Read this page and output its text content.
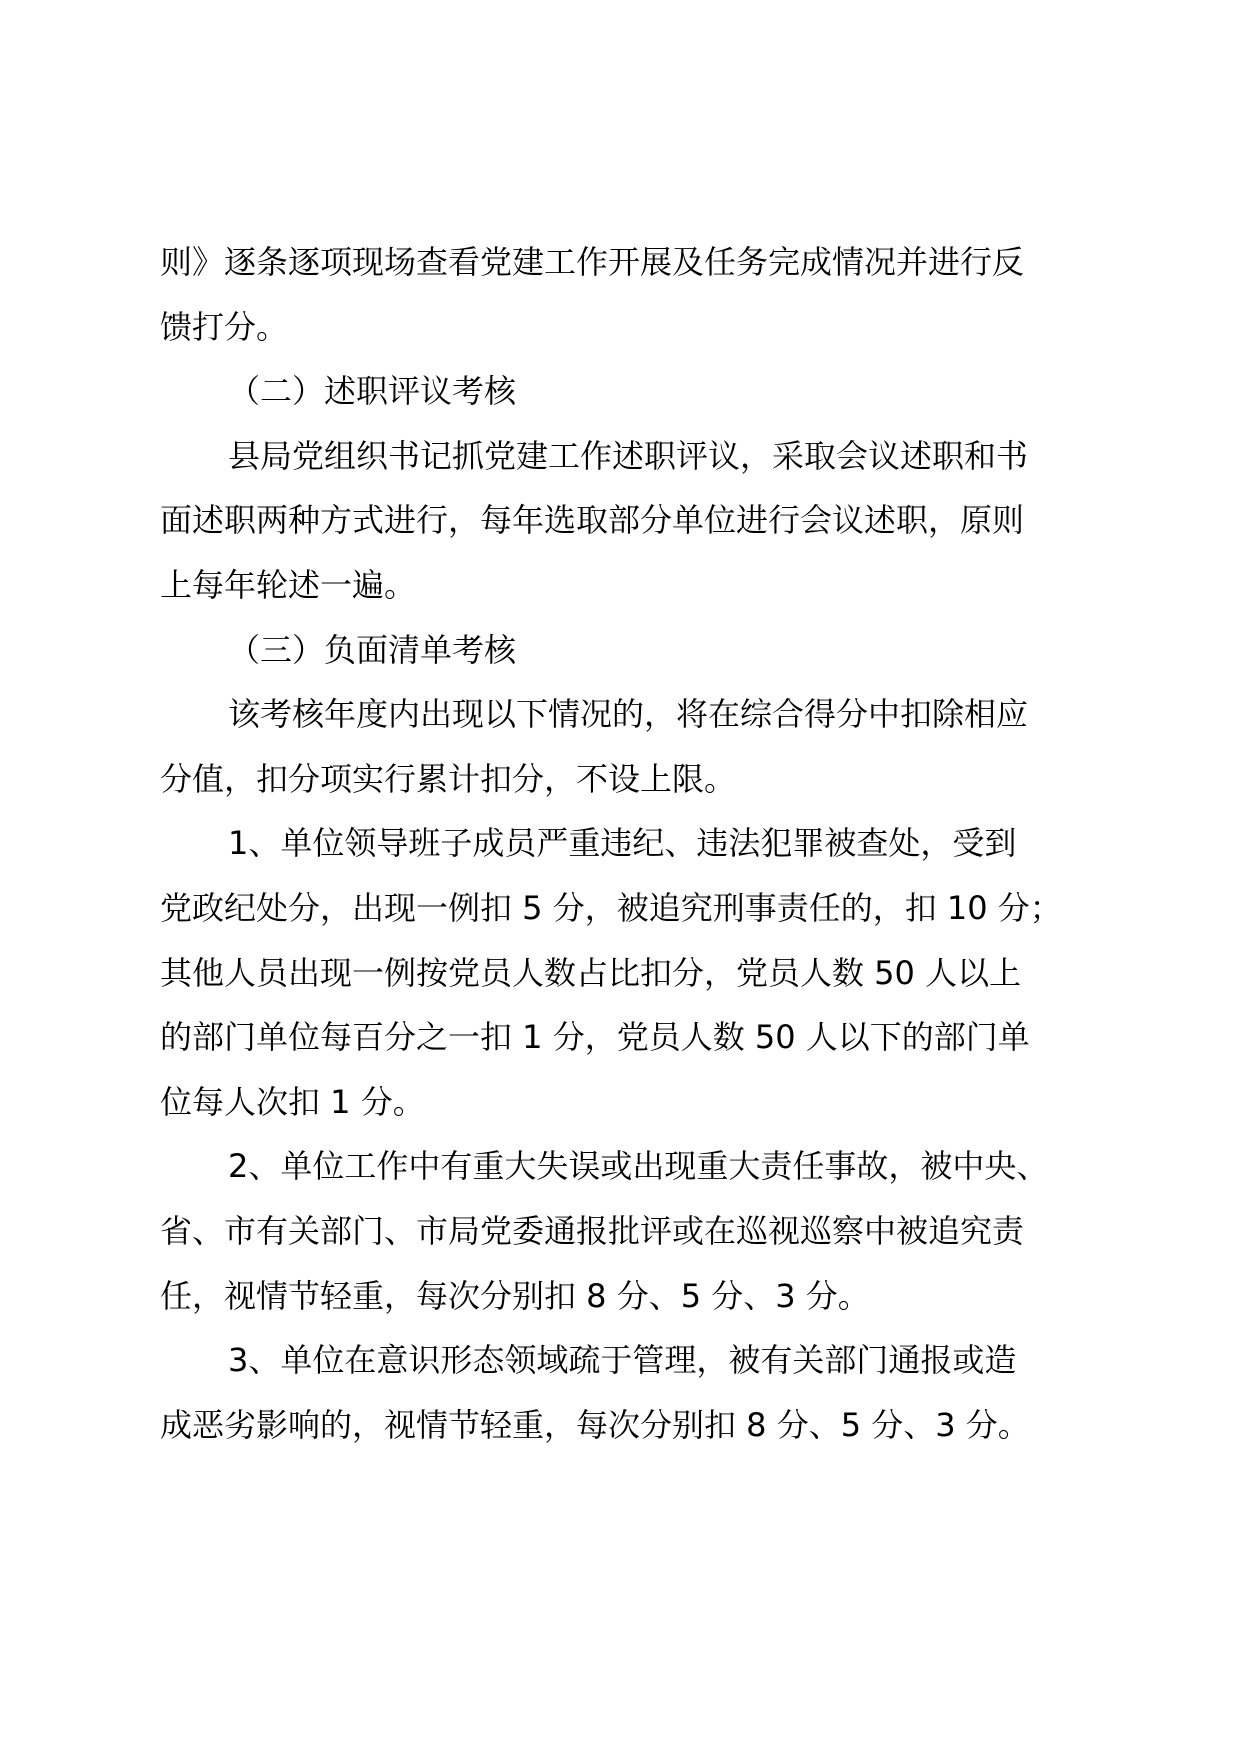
则》逐条逐项现场查看党建工作开展及任务完成情况并进行反
馈打分。
（二）述职评议考核
县局党组织书记抓党建工作述职评议，采取会议述职和书
面述职两种方式进行，每年选取部分单位进行会议述职，原则
上每年轮述一遍。
（三）负面清单考核
该考核年度内出现以下情况的，将在综合得分中扣除相应
分值，扣分项实行累计扣分，不设上限。
1、单位领导班子成员严重违纪、违法犯罪被查处，受到
党政纪处分，出现一例扣 5 分，被追究刑事责任的，扣 10 分；
其他人员出现一例按党员人数占比扣分，党员人数 50 人以上
的部门单位每百分之一扣 1 分，党员人数 50 人以下的部门单
位每人次扣 1 分。
2、单位工作中有重大失误或出现重大责任事故，被中央、
省、市有关部门、市局党委通报批评或在巡视巡察中被追究责
任，视情节轻重，每次分别扣 8 分、5 分、3 分。
3、单位在意识形态领域疏于管理，被有关部门通报或造
成恶劣影响的，视情节轻重，每次分别扣 8 分、5 分、3 分。
